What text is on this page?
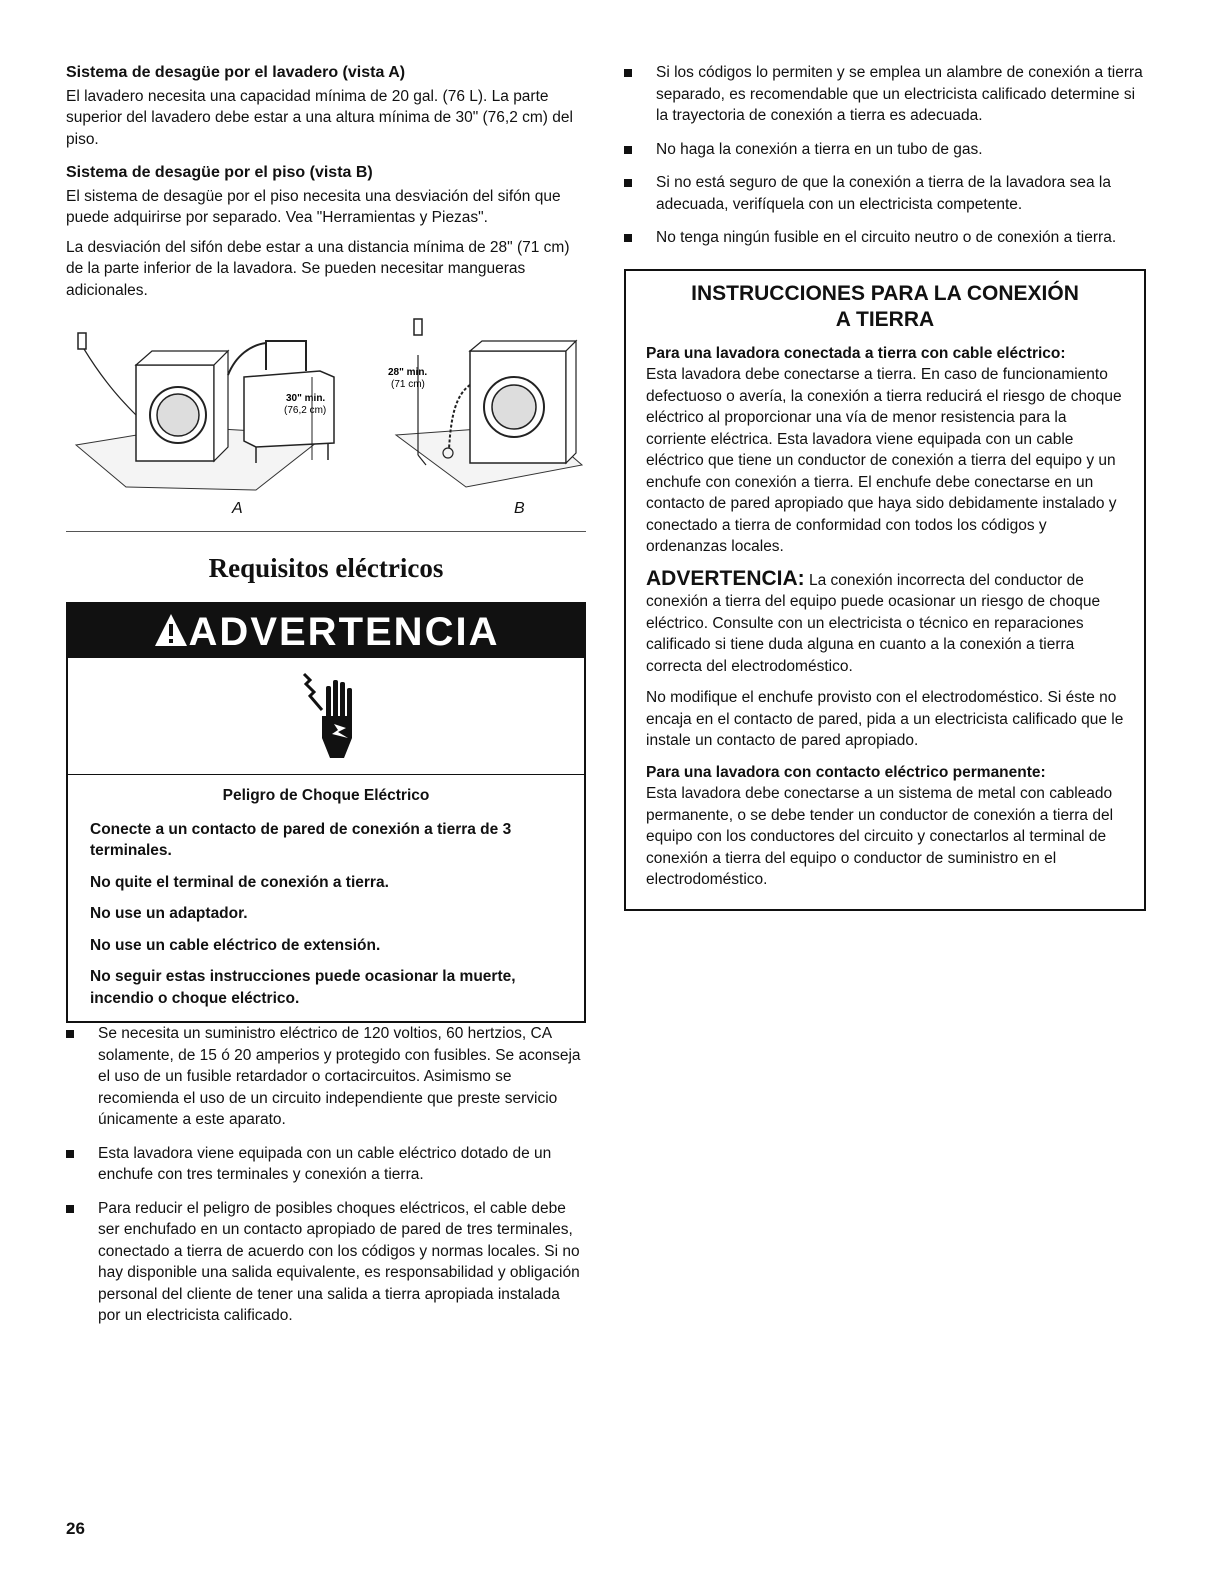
Sistema de desagüe por el lavadero (vista A)

El lavadero necesita una capacidad mínima de 20 gal. (76 L). La parte superior del lavadero debe estar a una altura mínima de 30" (76,2 cm) del piso.

Sistema de desagüe por el piso (vista B)

El sistema de desagüe por el piso necesita una desviación del sifón que puede adquirirse por separado. Vea "Herramientas y Piezas".

La desviación del sifón debe estar a una distancia mínima de 28" (71 cm) de la parte inferior de la lavadora. Se pueden necesitar mangueras adicionales.

30" min.
(76,2 cm)
28" min.
(71 cm)
A	B
Requisitos eléctricos
ADVERTENCIA

Peligro de Choque Eléctrico

Conecte a un contacto de pared de conexión a tierra de 3 terminales.

No quite el terminal de conexión a tierra.

No use un adaptador.

No use un cable eléctrico de extensión.

No seguir estas instrucciones puede ocasionar la muerte, incendio o choque eléctrico.

Se necesita un suministro eléctrico de 120 voltios, 60 hertzios, CA solamente, de 15 ó 20 amperios y protegido con fusibles. Se aconseja el uso de un fusible retardador o cortacircuitos. Asimismo se recomienda el uso de un circuito independiente que preste servicio únicamente a este aparato.
Esta lavadora viene equipada con un cable eléctrico dotado de un enchufe con tres terminales y conexión a tierra.
Para reducir el peligro de posibles choques eléctricos, el cable debe ser enchufado en un contacto apropiado de pared de tres terminales, conectado a tierra de acuerdo con los códigos y normas locales. Si no hay disponible una salida equivalente, es responsabilidad y obligación personal del cliente de tener una salida a tierra apropiada instalada por un electricista calificado.
Si los códigos lo permiten y se emplea un alambre de conexión a tierra separado, es recomendable que un electricista calificado determine si la trayectoria de conexión a tierra es adecuada.
No haga la conexión a tierra en un tubo de gas.
Si no está seguro de que la conexión a tierra de la lavadora sea la adecuada, verifíquela con un electricista competente.
No tenga ningún fusible en el circuito neutro o de conexión a tierra.
INSTRUCCIONES PARA LA CONEXIÓN
A TIERRA

Para una lavadora conectada a tierra con cable eléctrico:

Esta lavadora debe conectarse a tierra. En caso de funcionamiento defectuoso o avería, la conexión a tierra reducirá el riesgo de choque eléctrico al proporcionar una vía de menor resistencia para la corriente eléctrica. Esta lavadora viene equipada con un cable eléctrico que tiene un conductor de conexión a tierra del equipo y un enchufe con conexión a tierra. El enchufe debe conectarse en un contacto de pared apropiado que haya sido debidamente instalado y conectado a tierra de conformidad con todos los códigos y ordenanzas locales.

ADVERTENCIA: La conexión incorrecta del conductor de conexión a tierra del equipo puede ocasionar un riesgo de choque eléctrico. Consulte con un electricista o técnico en reparaciones calificado si tiene duda alguna en cuanto a la conexión a tierra correcta del electrodoméstico.

No modifique el enchufe provisto con el electrodoméstico. Si éste no encaja en el contacto de pared, pida a un electricista calificado que le instale un contacto de pared apropiado.

Para una lavadora con contacto eléctrico permanente:

Esta lavadora debe conectarse a un sistema de metal con cableado permanente, o se debe tender un conductor de conexión a tierra del equipo con los conductores del circuito y conectarlos al terminal de conexión a tierra del equipo o conductor de suministro en el electrodoméstico.

26
